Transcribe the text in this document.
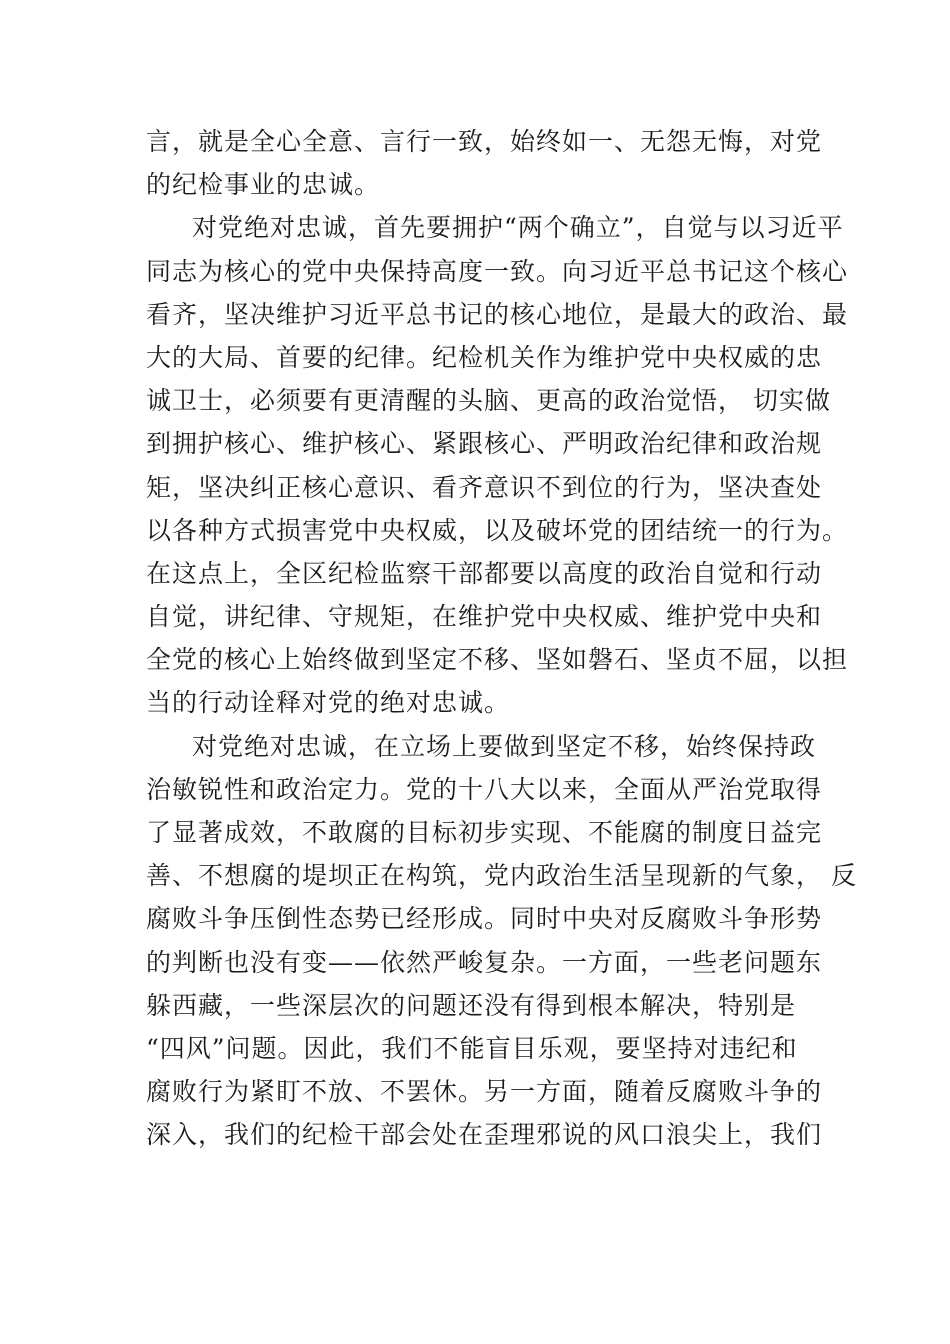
言，就是全心全意、言行一致，始终如一、无怨无悔，对党
的纪检事业的忠诚。
对党绝对忠诚，首先要拥护“两个确立”，自觉与以习近平
同志为核心的党中央保持高度一致。向习近平总书记这个核心
看齐，坚决维护习近平总书记的核心地位，是最大的政治、最
大的大局、首要的纪律。纪检机关作为维护党中央权威的忠
诚卫士，必须要有更清醒的头脑、更高的政治觉悟， 切实做
到拥护核心、维护核心、紧跟核心、严明政治纪律和政治规
矩，坚决纠正核心意识、看齐意识不到位的行为，坚决查处
以各种方式损害党中央权威，以及破坏党的团结统一的行为。
在这点上，全区纪检监察干部都要以高度的政治自觉和行动
自觉，讲纪律、守规矩，在维护党中央权威、维护党中央和
全党的核心上始终做到坚定不移、坚如磐石、坚贞不屈，以担
当的行动诠释对党的绝对忠诚。
对党绝对忠诚，在立场上要做到坚定不移，始终保持政
治敏锐性和政治定力。党的十八大以来，全面从严治党取得
了显著成效，不敢腐的目标初步实现、不能腐的制度日益完
善、不想腐的堤坝正在构筑，党内政治生活呈现新的气象， 反
腐败斗争压倒性态势已经形成。同时中央对反腐败斗争形势
的判断也没有变——依然严峻复杂。一方面，一些老问题东
躲西藏，一些深层次的问题还没有得到根本解决，特别是
“四风”问题。因此，我们不能盲目乐观，要坚持对违纪和
腐败行为紧盯不放、不罢休。另一方面，随着反腐败斗争的
深入，我们的纪检干部会处在歪理邪说的风口浪尖上，我们
